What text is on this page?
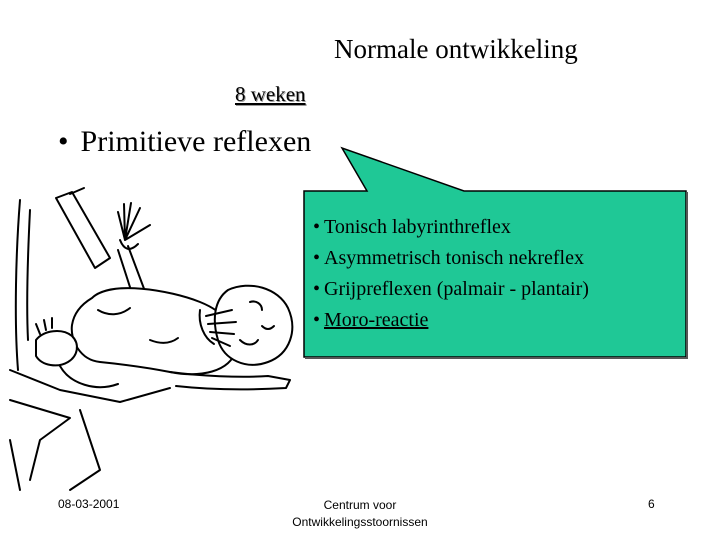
Normale ontwikkeling
8 weken
• Primitieve reflexen
• Tonisch labyrinthreflex
• Asymmetrisch tonisch nekreflex
• Grijpreflexen (palmair - plantair)
• Moro-reactie
08-03-2001	Centrum voor
Ontwikkelingsstoornissen
6
